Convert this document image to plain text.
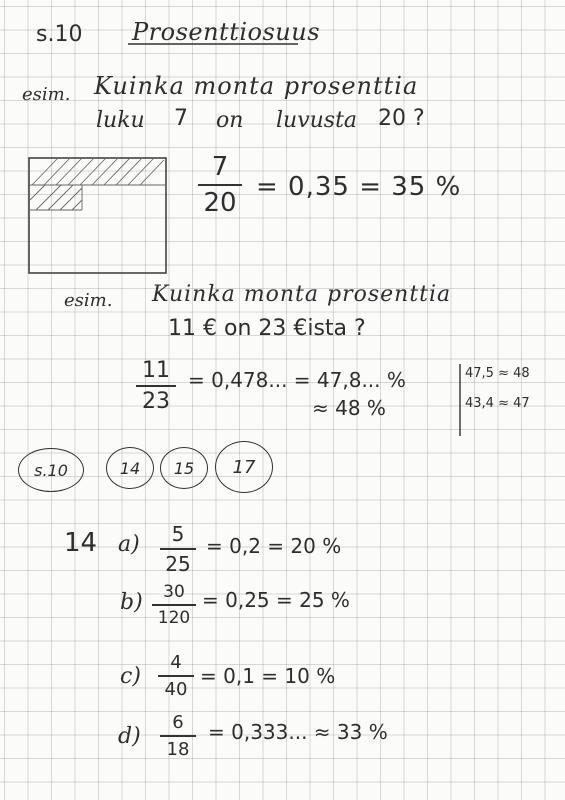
s.10 Prosenttiosuus
esim. Kuinka monta prosenttia
luku 7 on luvusta 20 ?
7
20
= 0,35 = 35 %
esim. Kuinka monta prosenttia
11 € on 23 €ista ?
11
23
= 0,478... = 47,8... %
≈ 48 %
47,5 ≈ 48
43,4 ≈ 47
s.10	14 15 17
14 a) 5
25
= 0,2 = 20 %
b) 30
120
= 0,25 = 25 %
c)
4
40
= 0,1 = 10 %
d)
6
18
= 0,333... ≈ 33 %
